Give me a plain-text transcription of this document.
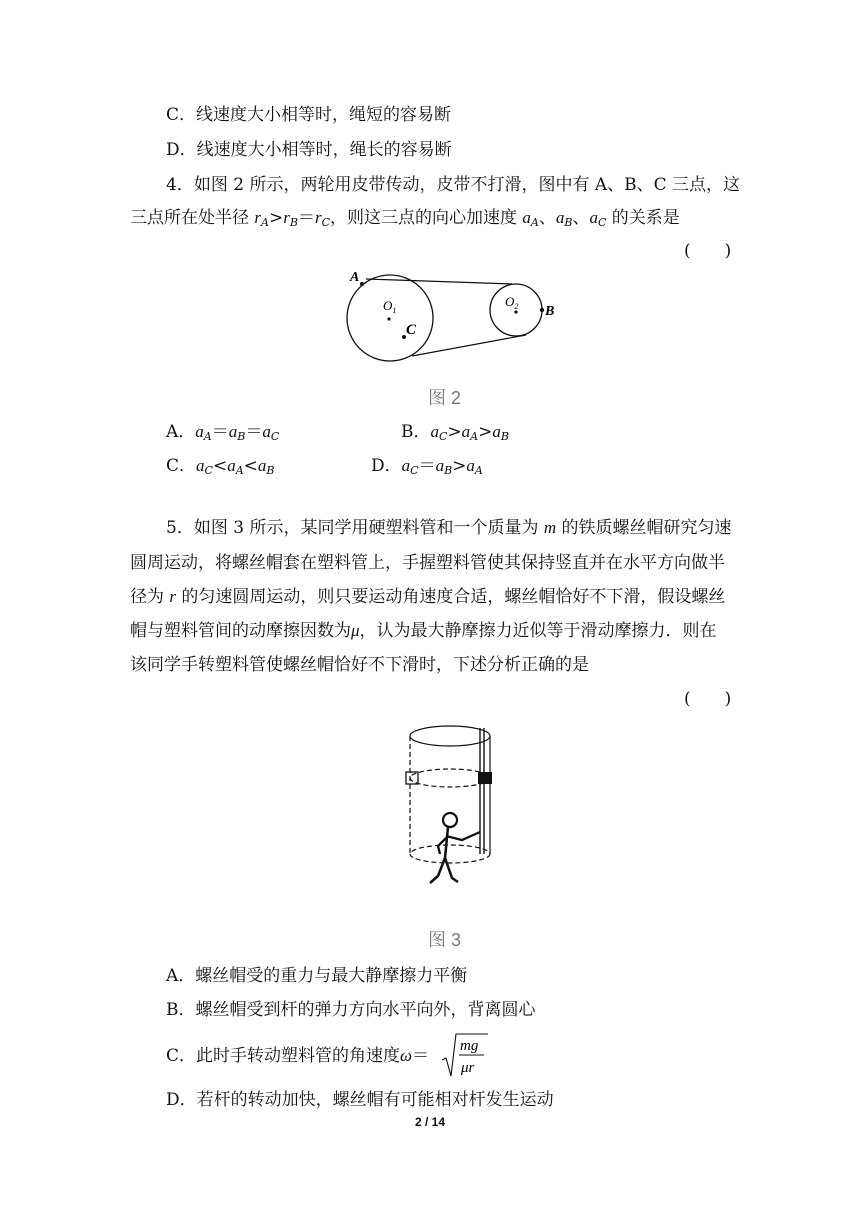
C．线速度大小相等时，绳短的容易断
D．线速度大小相等时，绳长的容易断
4．如图 2 所示，两轮用皮带传动，皮带不打滑，图中有 A、B、C 三点，这
三点所在处半径 $r_A>r_B=r_C$，则这三点的向心加速度 $a_A$、$a_B$、$a_C$ 的关系是
(　　)
A
$O_1$
C
$O_2$ B
图 2
A．$a_A=a_B=a_C$	B．$a_C>a_A>a_B$
C．$a_C<a_A<a_B$	D．$a_C=a_B>a_A$
5．如图 3 所示，某同学用硬塑料管和一个质量为 m 的铁质螺丝帽研究匀速
圆周运动，将螺丝帽套在塑料管上，手握塑料管使其保持竖直并在水平方向做半
径为 r 的匀速圆周运动，则只要运动角速度合适，螺丝帽恰好不下滑，假设螺丝
帽与塑料管间的动摩擦因数为μ，认为最大静摩擦力近似等于滑动摩擦力．则在
该同学手转塑料管使螺丝帽恰好不下滑时，下述分析正确的是
(　　)
图 3
A．螺丝帽受的重力与最大静摩擦力平衡
B．螺丝帽受到杆的弹力方向水平向外，背离圆心
C．此时手转动塑料管的角速度ω＝ mg
μr
D．若杆的转动加快，螺丝帽有可能相对杆发生运动
2 / 14
